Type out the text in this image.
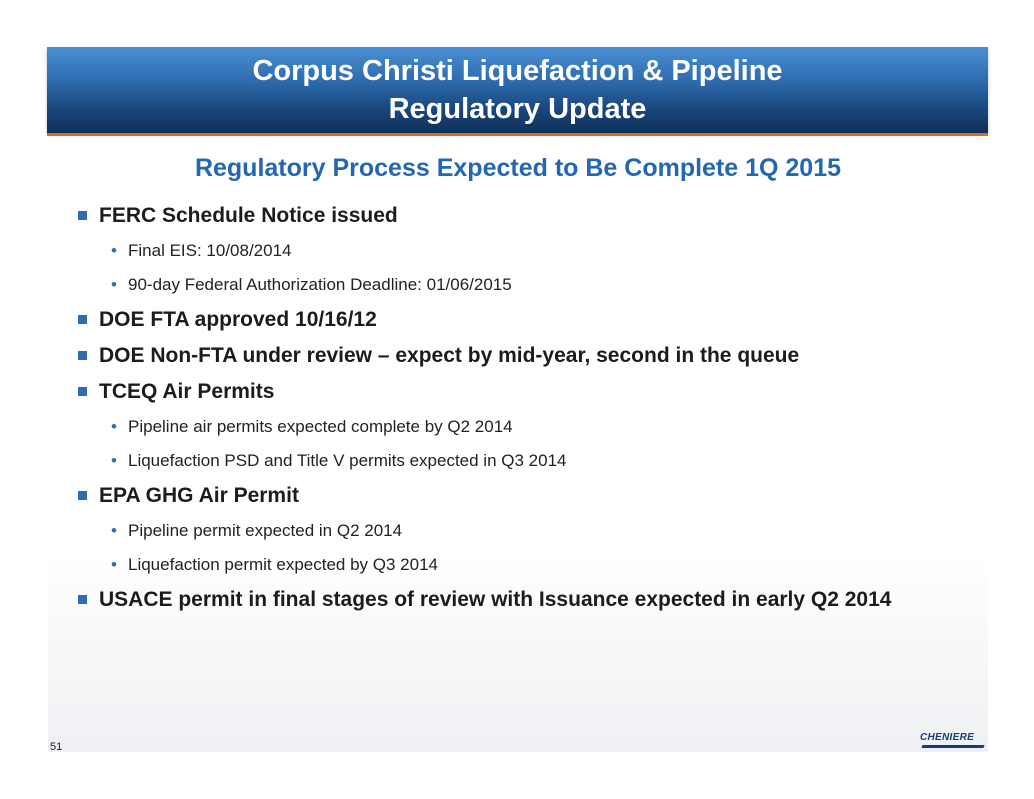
Corpus Christi Liquefaction & Pipeline
Regulatory Update
Regulatory Process Expected to Be Complete 1Q 2015
FERC Schedule Notice issued
• Final EIS: 10/08/2014
• 90-day Federal Authorization Deadline: 01/06/2015
DOE FTA approved 10/16/12
DOE Non-FTA under review – expect by mid-year, second in the queue
TCEQ Air Permits
• Pipeline air permits expected complete by Q2 2014
• Liquefaction PSD and Title V permits expected in Q3 2014
EPA GHG Air Permit
• Pipeline permit expected in Q2 2014
• Liquefaction permit expected by Q3 2014
USACE permit in final stages of review with Issuance expected in early Q2 2014
51
CHENIERE
